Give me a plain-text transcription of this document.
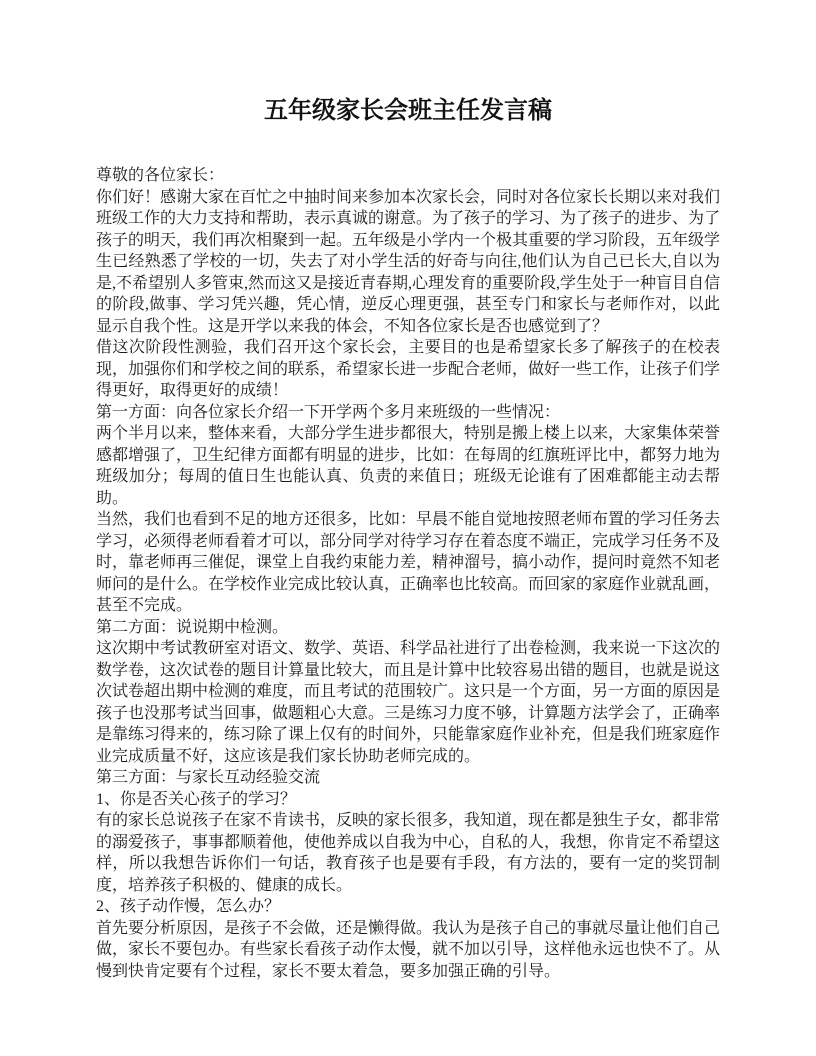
五年级家长会班主任发言稿

尊敬的各位家长：

你们好！感谢大家在百忙之中抽时间来参加本次家长会，同时对各位家长长期以来对我们班级工作的大力支持和帮助，表示真诚的谢意。为了孩子的学习、为了孩子的进步、为了孩子的明天，我们再次相聚到一起。五年级是小学内一个极其重要的学习阶段，五年级学生已经熟悉了学校的一切，失去了对小学生活的好奇与向往,他们认为自己已长大,自以为是,不希望别人多管束,然而这又是接近青春期,心理发育的重要阶段,学生处于一种盲目自信的阶段,做事、学习凭兴趣，凭心情，逆反心理更强，甚至专门和家长与老师作对，以此显示自我个性。这是开学以来我的体会，不知各位家长是否也感觉到了？

借这次阶段性测验，我们召开这个家长会，主要目的也是希望家长多了解孩子的在校表现，加强你们和学校之间的联系，希望家长进一步配合老师，做好一些工作，让孩子们学得更好，取得更好的成绩！

第一方面：向各位家长介绍一下开学两个多月来班级的一些情况：

两个半月以来，整体来看，大部分学生进步都很大，特别是搬上楼上以来，大家集体荣誉感都增强了，卫生纪律方面都有明显的进步，比如：在每周的红旗班评比中，都努力地为班级加分；每周的值日生也能认真、负责的来值日；班级无论谁有了困难都能主动去帮助。

当然，我们也看到不足的地方还很多，比如：早晨不能自觉地按照老师布置的学习任务去学习，必须得老师看着才可以，部分同学对待学习存在着态度不端正，完成学习任务不及时，靠老师再三催促，课堂上自我约束能力差，精神溜号，搞小动作，提问时竟然不知老师问的是什么。在学校作业完成比较认真，正确率也比较高。而回家的家庭作业就乱画，甚至不完成。

第二方面：说说期中检测。

这次期中考试教研室对语文、数学、英语、科学品社进行了出卷检测，我来说一下这次的数学卷，这次试卷的题目计算量比较大，而且是计算中比较容易出错的题目，也就是说这次试卷超出期中检测的难度，而且考试的范围较广。这只是一个方面，另一方面的原因是孩子也没那考试当回事，做题粗心大意。三是练习力度不够，计算题方法学会了，正确率是靠练习得来的，练习除了课上仅有的时间外，只能靠家庭作业补充，但是我们班家庭作业完成质量不好，这应该是我们家长协助老师完成的。

第三方面：与家长互动经验交流

1、你是否关心孩子的学习？

有的家长总说孩子在家不肯读书，反映的家长很多，我知道，现在都是独生子女，都非常的溺爱孩子，事事都顺着他，使他养成以自我为中心，自私的人，我想，你肯定不希望这样，所以我想告诉你们一句话，教育孩子也是要有手段，有方法的，要有一定的奖罚制度，培养孩子积极的、健康的成长。

2、孩子动作慢，怎么办？

首先要分析原因，是孩子不会做，还是懒得做。我认为是孩子自己的事就尽量让他们自己做，家长不要包办。有些家长看孩子动作太慢，就不加以引导，这样他永远也快不了。从慢到快肯定要有个过程，家长不要太着急，要多加强正确的引导。
